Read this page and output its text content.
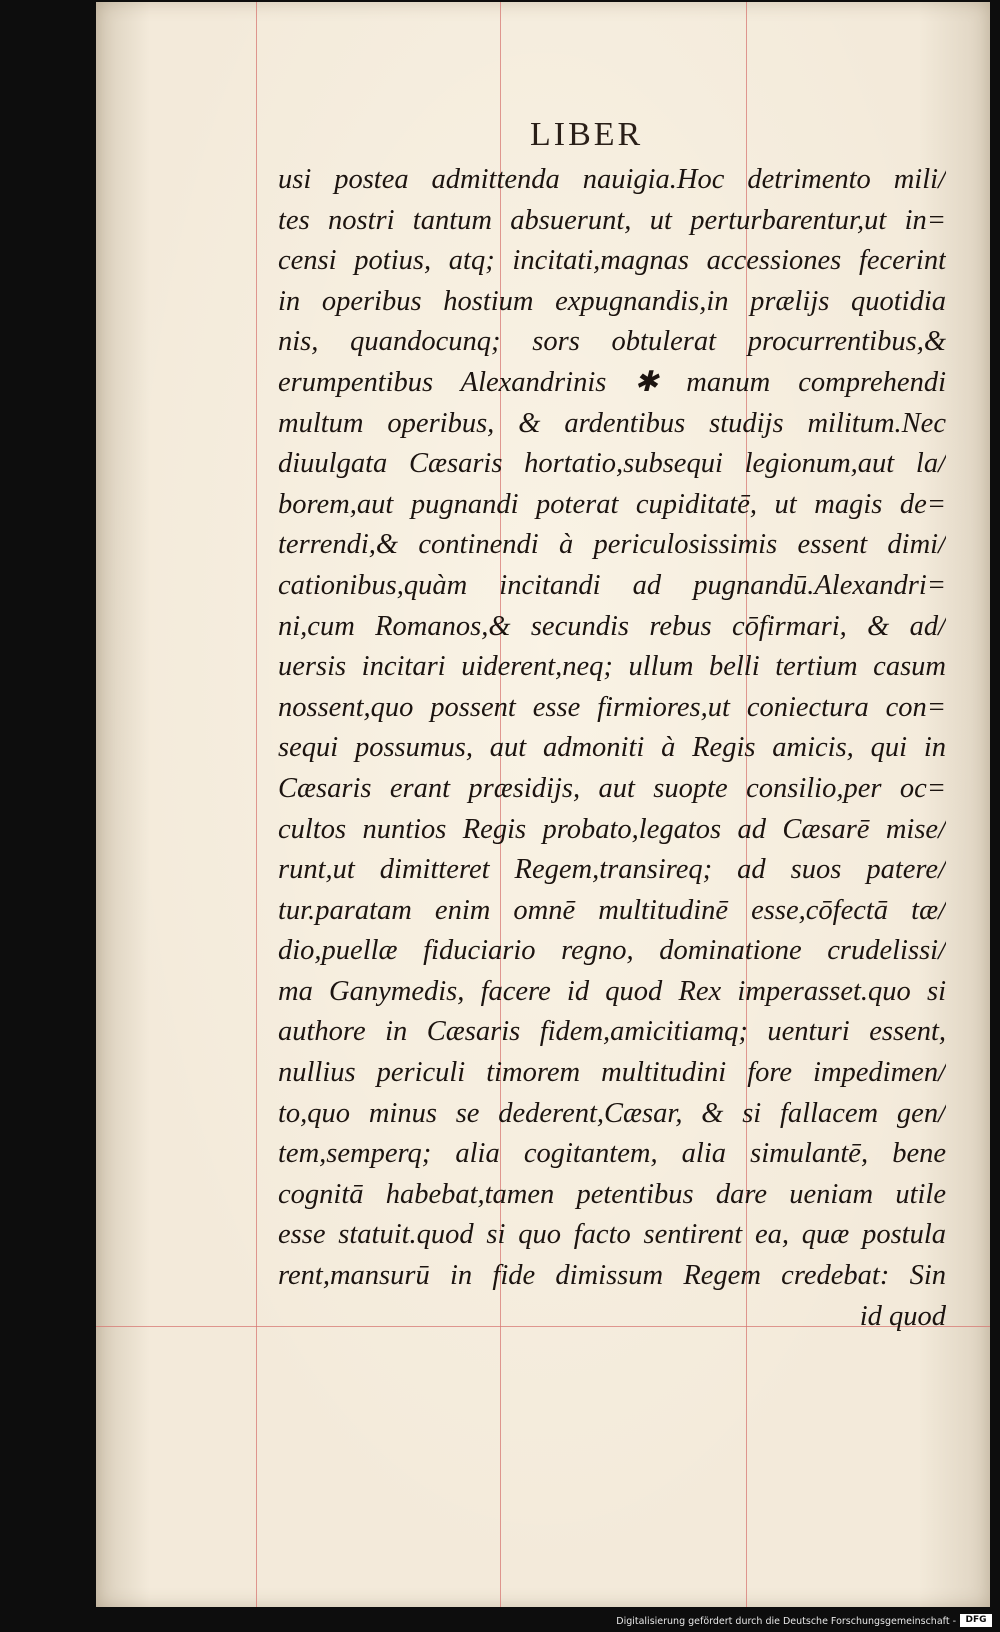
LIBER
usi postea admittenda nauigia.Hoc detrimento mili/
tes nostri tantum absuerunt, ut perturbarentur,ut in=
censi potius, atq; incitati,magnas accessiones fecerint
in operibus hostium expugnandis,in prælijs quotidia
nis, quandocunq; sors obtulerat procurrentibus,&
erumpentibus Alexandrinis ✱ manum comprehendi
multum operibus, & ardentibus studijs militum.Nec
diuulgata Cæsaris hortatio,subsequi legionum,aut la/
borem,aut pugnandi poterat cupiditatē, ut magis de=
terrendi,& continendi à periculosissimis essent dimi/
cationibus,quàm incitandi ad pugnandū.Alexandri=
ni,cum Romanos,& secundis rebus cōfirmari, & ad/
uersis incitari uiderent,neq; ullum belli tertium casum
nossent,quo possent esse firmiores,ut coniectura con=
sequi possumus, aut admoniti à Regis amicis, qui in
Cæsaris erant præsidijs, aut suopte consilio,per oc=
cultos nuntios Regis probato,legatos ad Cæsarē mise/
runt,ut dimitteret Regem,transireq; ad suos patere/
tur.paratam enim omnē multitudinē esse,cōfectā tæ/
dio,puellæ fiduciario regno, dominatione crudelissi/
ma Ganymedis, facere id quod Rex imperasset.quo si
authore in Cæsaris fidem,amicitiamq; uenturi essent,
nullius periculi timorem multitudini fore impedimen/
to,quo minus se dederent,Cæsar, & si fallacem gen/
tem,semperq; alia cogitantem, alia simulantē, bene
cognitā habebat,tamen petentibus dare ueniam utile
esse statuit.quod si quo facto sentirent ea, quæ postula
rent,mansurū in fide dimissum Regem credebat: Sin
id quod
Digitalisierung gefördert durch die Deutsche Forschungsgemeinschaft -	DFG
